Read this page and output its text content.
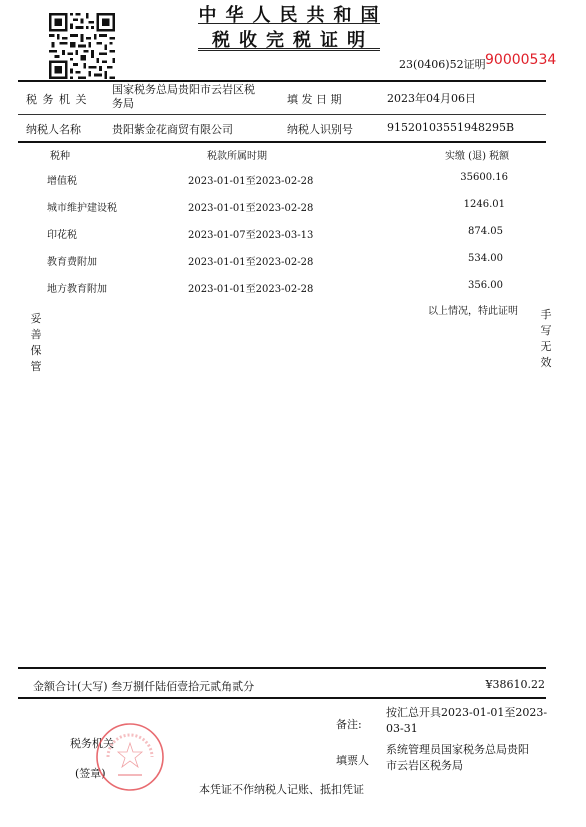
中华人民共和国
税收完税证明
23(0406)52证明 90000534
税 务 机 关
国家税务总局贵阳市云岩区税
务局	填 发 日 期	2023年04月06日
纳税人名称	贵阳紫金花商贸有限公司	纳税人识别号	91520103551948295B
税种	税款所属时期	实缴 (退) 税额
增值税	2023-01-01至2023-02-28	35600.16
城市维护建设税	2023-01-01至2023-02-28	1246.01
印花税	2023-01-07至2023-03-13	874.05
教育费附加	2023-01-01至2023-02-28	534.00
地方教育附加	2023-01-01至2023-02-28	356.00
以上情况，特此证明
妥
善
保
管
手
写
无
效
金额合计(大写) 叁万捌仟陆佰壹拾元贰角贰分	¥38610.22
税务机关
(签章)
备注:
按汇总开具2023-01-01至2023-
03-31
填票人
系统管理员国家税务总局贵阳
市云岩区税务局
本凭证不作纳税人记账、抵扣凭证
